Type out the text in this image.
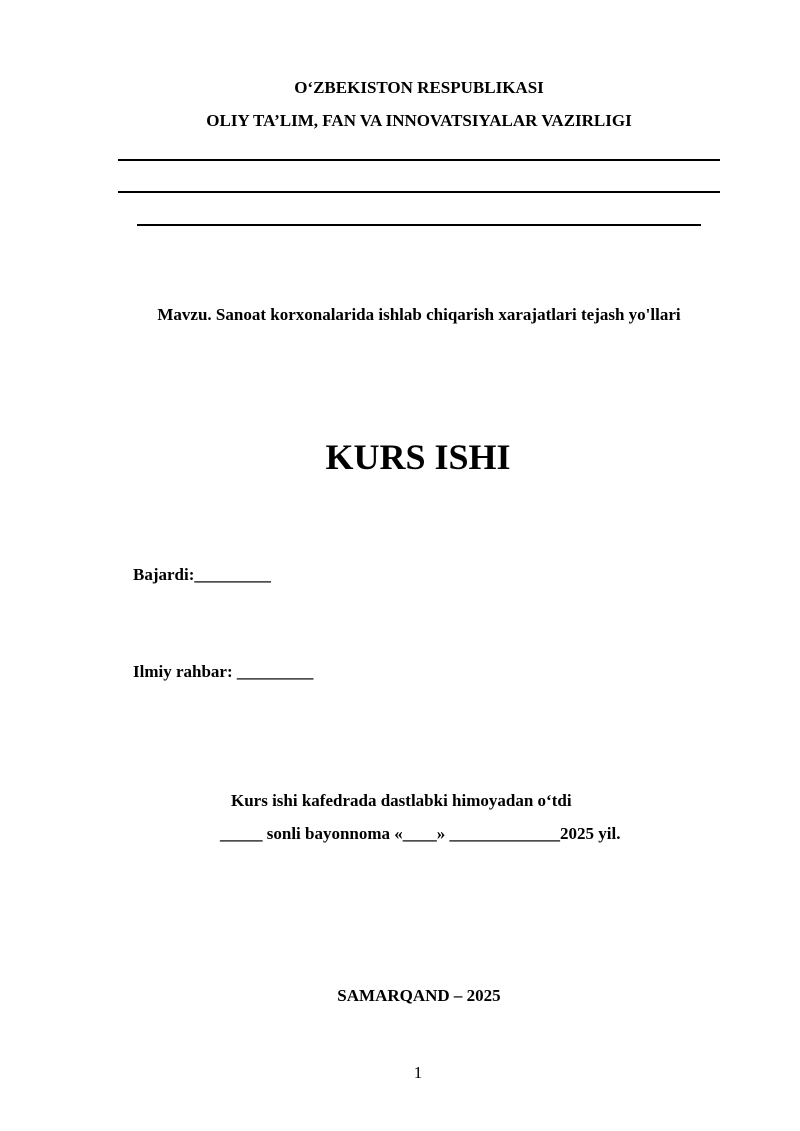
O‘ZBEKISTON RESPUBLIKASI
OLIY TA’LIM, FAN VA INNOVATSIYALAR VAZIRLIGI
Mavzu. Sanoat korxonalarida ishlab chiqarish xarajatlari tejash yo'llari
KURS ISHI
Bajardi:_________
Ilmiy rahbar: _________
Kurs ishi kafedrada dastlabki himoyadan o‘tdi
_____ sonli bayonnoma «____» _____________2025 yil.
SAMARQAND – 2025
1
